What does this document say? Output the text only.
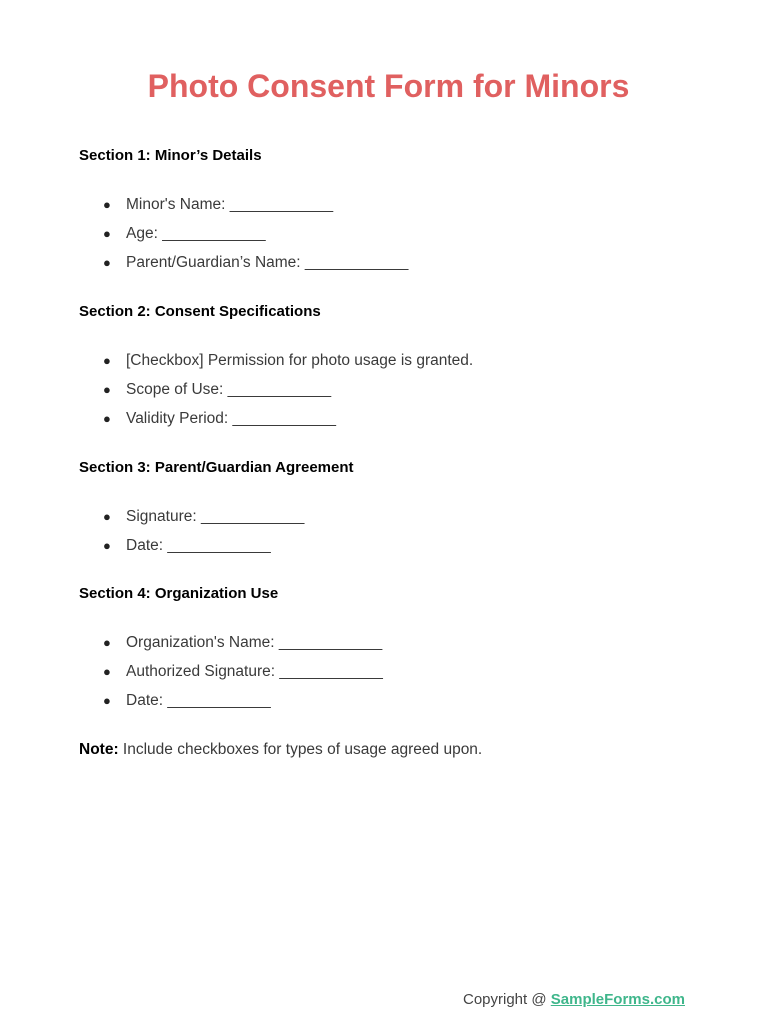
Photo Consent Form for Minors
Section 1: Minor’s Details
● Minor's Name: ____________
● Age: ____________
● Parent/Guardian’s Name: ____________
Section 2: Consent Specifications
● [Checkbox] Permission for photo usage is granted.
● Scope of Use: ____________
● Validity Period: ____________
Section 3: Parent/Guardian Agreement
● Signature: ____________
● Date: ____________
Section 4: Organization Use
● Organization's Name: ____________
● Authorized Signature: ____________
● Date: ____________
Note: Include checkboxes for types of usage agreed upon.
Copyright @ SampleForms.com
